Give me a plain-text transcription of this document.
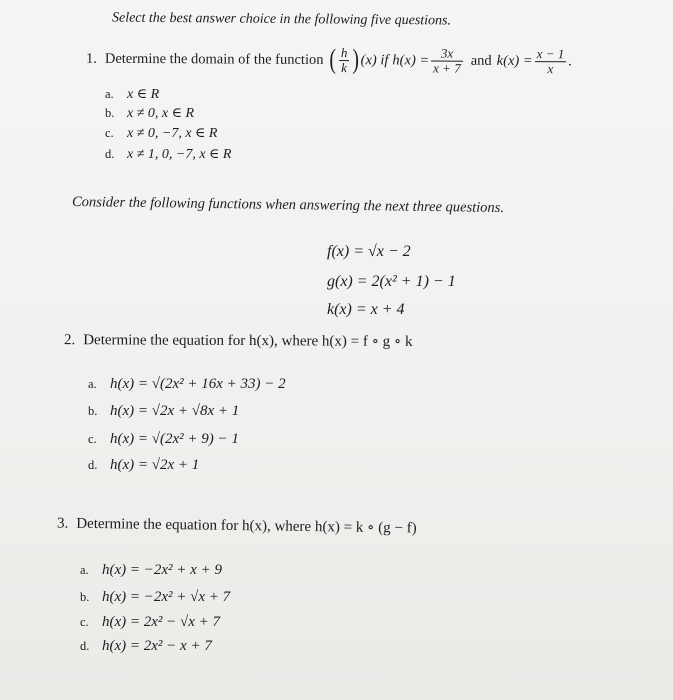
Select the best answer choice in the following five questions.
1. Determine the domain of the function ( $\frac{h}{k}$ ) (x) if $h(x) = \frac{3x}{x + 7}$ and $k(x) = \frac{x - 1}{x}$ .
a. x ∈ R
b. x ≠ 0, x ∈ R
c. x ≠ 0, −7, x ∈ R
d. x ≠ 1, 0, −7, x ∈ R
Consider the following functions when answering the next three questions.
f(x) = √x − 2
g(x) = 2(x² + 1) − 1
k(x) = x + 4
2. Determine the equation for h(x), where h(x) = f ∘ g ∘ k
a. h(x) = √(2x² + 16x + 33) − 2
b. h(x) = √2x + √8x + 1
c. h(x) = √(2x² + 9) − 1
d. h(x) = √2x + 1
3. Determine the equation for h(x), where h(x) = k ∘ (g − f)
a. h(x) = −2x² + x + 9
b. h(x) = −2x² + √x + 7
c. h(x) = 2x² − √x + 7
d. h(x) = 2x² − x + 7
